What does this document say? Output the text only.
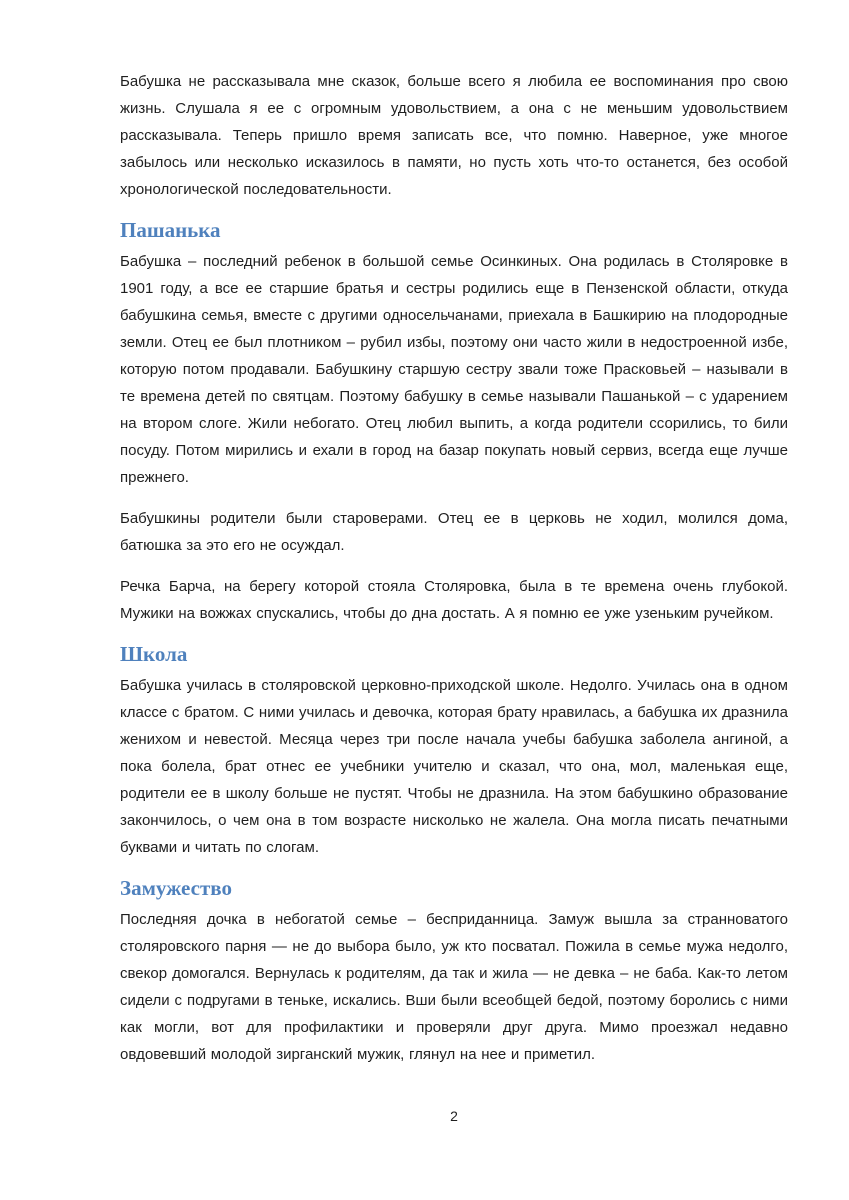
Бабушка не рассказывала мне сказок, больше всего я любила ее воспоминания про свою жизнь. Слушала я ее с огромным удовольствием, а она с не меньшим удовольствием рассказывала. Теперь пришло время записать все, что помню. Наверное, уже многое забылось или несколько исказилось в памяти, но пусть хоть что-то останется, без особой хронологической последовательности.

Пашанька

Бабушка – последний ребенок в большой семье Осинкиных. Она родилась в Столяровке в 1901 году, а все ее старшие братья и сестры родились еще в Пензенской области, откуда бабушкина семья, вместе с другими односельчанами, приехала в Башкирию на плодородные земли. Отец ее был плотником – рубил избы, поэтому они часто жили в недостроенной избе, которую потом продавали. Бабушкину старшую сестру звали тоже Прасковьей – называли в те времена детей по святцам. Поэтому бабушку в семье называли Пашанькой – с ударением на втором слоге. Жили небогато. Отец любил выпить, а когда родители ссорились, то били посуду. Потом мирились и ехали в город на базар покупать новый сервиз, всегда еще лучше прежнего.

Бабушкины родители были староверами. Отец ее в церковь не ходил, молился дома, батюшка за это его не осуждал.

Речка Барча, на берегу которой стояла Столяровка, была в те времена очень глубокой. Мужики на вожжах спускались, чтобы до дна достать. А я помню ее уже узеньким ручейком.

Школа

Бабушка училась в столяровской церковно-приходской школе. Недолго. Училась она в одном классе с братом. С ними училась и девочка, которая брату нравилась, а бабушка их дразнила женихом и невестой. Месяца через три после начала учебы бабушка заболела ангиной, а пока болела, брат отнес ее учебники учителю и сказал, что она, мол, маленькая еще, родители ее в школу больше не пустят. Чтобы не дразнила. На этом бабушкино образование закончилось, о чем она в том возрасте нисколько не жалела. Она могла писать печатными буквами и читать по слогам.

Замужество

Последняя дочка в небогатой семье – бесприданница. Замуж вышла за странноватого столяровского парня — не до выбора было, уж кто посватал. Пожила в семье мужа недолго, свекор домогался. Вернулась к родителям, да так и жила — не девка – не баба. Как-то летом сидели с подругами в теньке, искались. Вши были всеобщей бедой, поэтому боролись с ними как могли, вот для профилактики и проверяли друг друга. Мимо проезжал недавно овдовевший молодой зирганский мужик, глянул на нее и приметил.

2
